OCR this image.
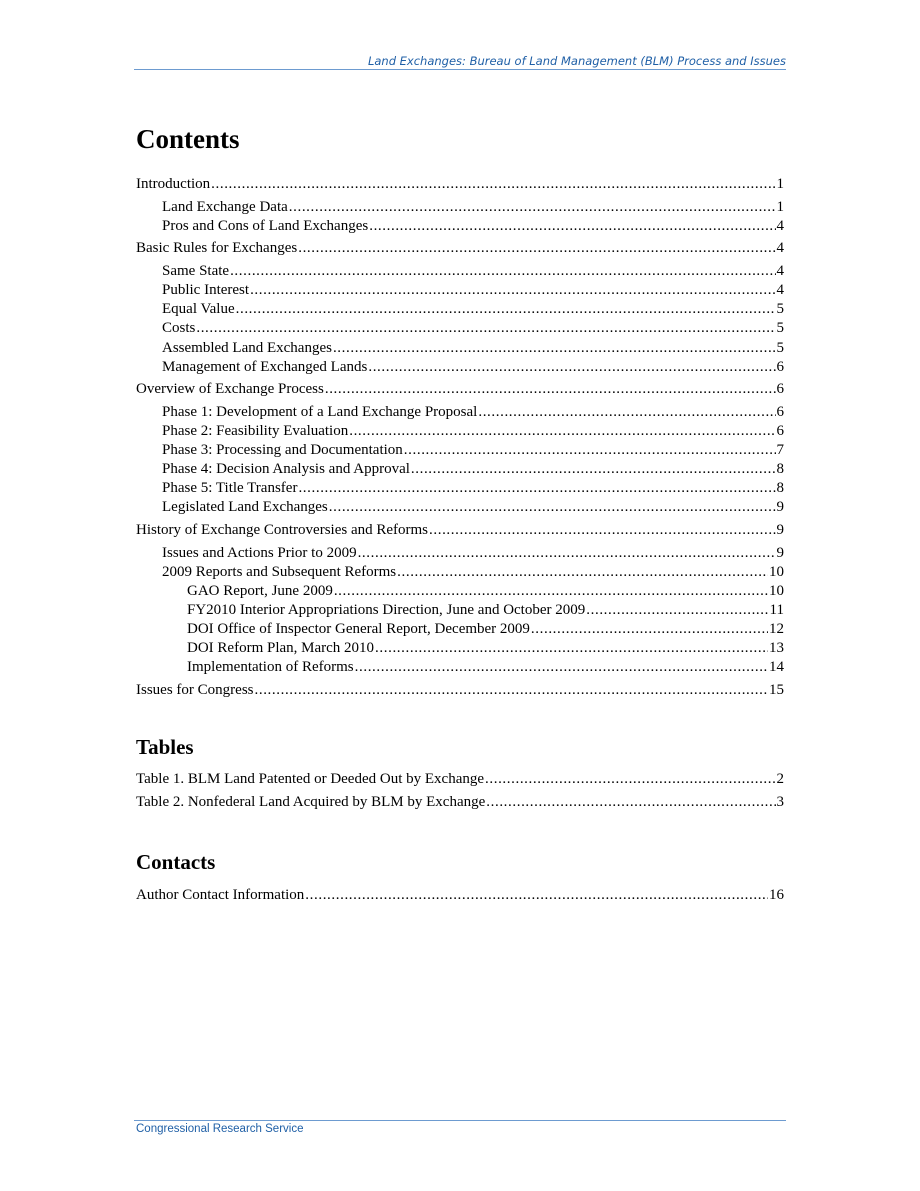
Land Exchanges: Bureau of Land Management (BLM) Process and Issues
Contents
Introduction .....	1
Land Exchange Data .....	1
Pros and Cons of Land Exchanges .....	4
Basic Rules for Exchanges .....	4
Same State .....	4
Public Interest .....	4
Equal Value .....	5
Costs .....	5
Assembled Land Exchanges .....	5
Management of Exchanged Lands .....	6
Overview of Exchange Process .....	6
Phase 1: Development of a Land Exchange Proposal .....	6
Phase 2: Feasibility Evaluation .....	6
Phase 3: Processing and Documentation .....	7
Phase 4: Decision Analysis and Approval .....	8
Phase 5: Title Transfer .....	8
Legislated Land Exchanges .....	9
History of Exchange Controversies and Reforms .....	9
Issues and Actions Prior to 2009 .....	9
2009 Reports and Subsequent Reforms .....	10
GAO Report, June 2009 .....	10
FY2010 Interior Appropriations Direction, June and October 2009 .....	11
DOI Office of Inspector General Report, December 2009 .....	12
DOI Reform Plan, March 2010 .....	13
Implementation of Reforms .....	14
Issues for Congress .....	15
Tables
Table 1. BLM Land Patented or Deeded Out by Exchange .....	2
Table 2. Nonfederal Land Acquired by BLM by Exchange .....	3
Contacts
Author Contact Information .....	16
Congressional Research Service
